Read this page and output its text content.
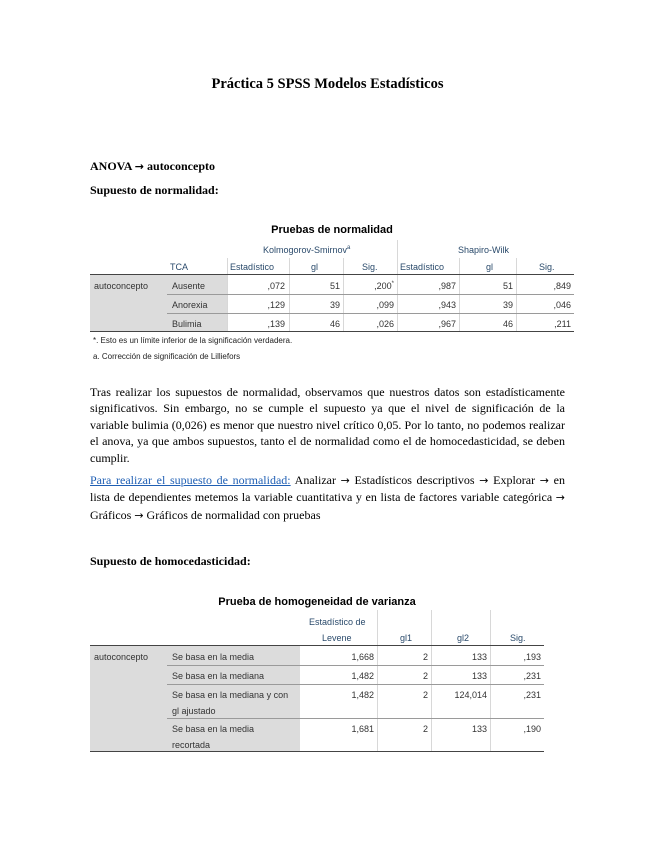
Práctica 5 SPSS Modelos Estadísticos
ANOVA → autoconcepto
Supuesto de normalidad:
Pruebas de normalidad
Kolmogorov-Smirnov$^a$	Shapiro-Wilk
TCA	Estadístico	gl	Sig. Estadístico	gl	Sig.
autoconcepto	Ausente	,072	51	,200*	,987	51	,849
Anorexia	,129	39	,099	,943	39	,046
Bulimia	,139	46	,026	,967	46	,211
*. Esto es un límite inferior de la significación verdadera.
a. Corrección de significación de Lilliefors
Tras realizar los supuestos de normalidad, observamos que nuestros datos son estadísticamente significativos. Sin embargo, no se cumple el supuesto ya que el nivel de significación de la variable bulimia (0,026) es menor que nuestro nivel crítico 0,05. Por lo tanto, no podemos realizar el anova, ya que ambos supuestos, tanto el de normalidad como el de homocedasticidad, se deben cumplir.
Para realizar el supuesto de normalidad: Analizar → Estadísticos descriptivos → Explorar → en lista de dependientes metemos la variable cuantitativa y en lista de factores variable categórica → Gráficos → Gráficos de normalidad con pruebas
Supuesto de homocedasticidad:
Prueba de homogeneidad de varianza
Estadístico de
Levene	gl1	gl2	Sig.
autoconcepto	Se basa en la media	1,668	2	133	,193
Se basa en la mediana	1,482	2	133	,231
Se basa en la mediana y con
gl ajustado
1,482	2	124,014	,231
Se basa en la media
recortada
1,681	2	133	,190
